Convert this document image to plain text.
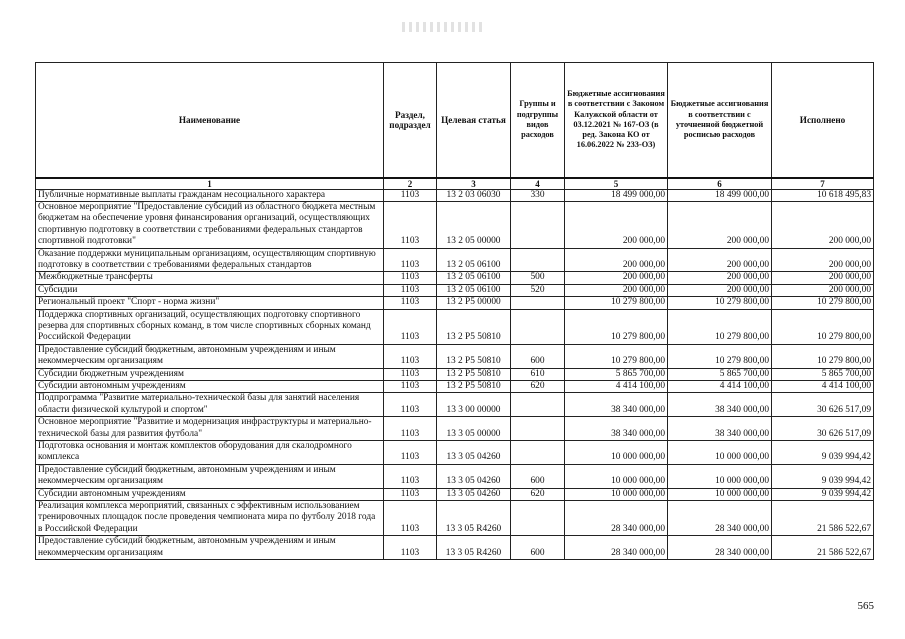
Наименование	Раздел, подраздел	Целевая статья	Группы и подгруппы видов расходов	Бюджетные ассигнования в соответствии с Законом Калужской области от 03.12.2021 № 167-ОЗ (в ред. Закона КО от 16.06.2022 № 233-ОЗ)	Бюджетные ассигнования в соответствии с уточненной бюджетной росписью расходов	Исполнено
1	2	3	4	5	6	7
Публичные нормативные выплаты гражданам несоциального характера	1103	13 2 03 06030	330	18 499 000,00	18 499 000,00	10 618 495,83
Основное мероприятие "Предоставление субсидий из областного бюджета местным бюджетам на обеспечение уровня финансирования организаций, осуществляющих спортивную подготовку в соответствии с требованиями федеральных стандартов спортивной подготовки"	1103	13 2 05 00000		200 000,00	200 000,00	200 000,00
Оказание поддержки муниципальным организациям, осуществляющим спортивную подготовку в соответствии с требованиями федеральных стандартов	1103	13 2 05 06100		200 000,00	200 000,00	200 000,00
Межбюджетные трансферты	1103	13 2 05 06100	500	200 000,00	200 000,00	200 000,00
Субсидии	1103	13 2 05 06100	520	200 000,00	200 000,00	200 000,00
Региональный проект "Спорт - норма жизни"	1103	13 2 P5 00000		10 279 800,00	10 279 800,00	10 279 800,00
Поддержка спортивных организаций, осуществляющих подготовку спортивного резерва для спортивных сборных команд, в том числе спортивных сборных команд Российской Федерации	1103	13 2 P5 50810		10 279 800,00	10 279 800,00	10 279 800,00
Предоставление субсидий бюджетным, автономным учреждениям и иным некоммерческим организациям	1103	13 2 P5 50810	600	10 279 800,00	10 279 800,00	10 279 800,00
Субсидии бюджетным учреждениям	1103	13 2 P5 50810	610	5 865 700,00	5 865 700,00	5 865 700,00
Субсидии автономным учреждениям	1103	13 2 P5 50810	620	4 414 100,00	4 414 100,00	4 414 100,00
Подпрограмма "Развитие материально-технической базы для занятий населения области физической культурой и спортом"	1103	13 3 00 00000		38 340 000,00	38 340 000,00	30 626 517,09
Основное мероприятие "Развитие и модернизация инфраструктуры и материально-технической базы для развития футбола"	1103	13 3 05 00000		38 340 000,00	38 340 000,00	30 626 517,09
Подготовка основания и монтаж комплектов оборудования для скалодромного комплекса	1103	13 3 05 04260		10 000 000,00	10 000 000,00	9 039 994,42
Предоставление субсидий бюджетным, автономным учреждениям и иным некоммерческим организациям	1103	13 3 05 04260	600	10 000 000,00	10 000 000,00	9 039 994,42
Субсидии автономным учреждениям	1103	13 3 05 04260	620	10 000 000,00	10 000 000,00	9 039 994,42
Реализация комплекса мероприятий, связанных с эффективным использованием тренировочных площадок после проведения чемпионата мира по футболу 2018 года в Российской Федерации	1103	13 3 05 R4260		28 340 000,00	28 340 000,00	21 586 522,67
Предоставление субсидий бюджетным, автономным учреждениям и иным некоммерческим организациям	1103	13 3 05 R4260	600	28 340 000,00	28 340 000,00	21 586 522,67
565
